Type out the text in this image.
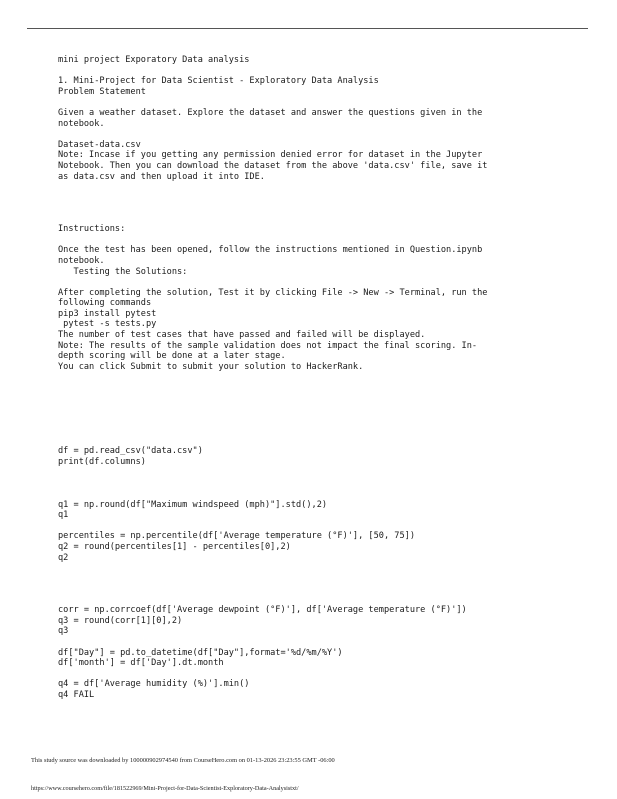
mini project Exporatory Data analysis
1. Mini-Project for Data Scientist - Exploratory Data Analysis
Problem Statement
Given a weather dataset. Explore the dataset and answer the questions given in the
notebook.
Dataset-data.csv
Note: Incase if you getting any permission denied error for dataset in the Jupyter
Notebook. Then you can download the dataset from the above 'data.csv' file, save it
as data.csv and then upload it into IDE.
Instructions:
Once the test has been opened, follow the instructions mentioned in Question.ipynb
notebook.
Testing the Solutions:
After completing the solution, Test it by clicking File -> New -> Terminal, run the
following commands
pip3 install pytest
pytest -s tests.py
The number of test cases that have passed and failed will be displayed.
Note: The results of the sample validation does not impact the final scoring. In-
depth scoring will be done at a later stage.
You can click Submit to submit your solution to HackerRank.
df = pd.read_csv("data.csv")
print(df.columns)
q1 = np.round(df["Maximum windspeed (mph)"].std(),2)
q1
percentiles = np.percentile(df['Average temperature (°F)'], [50, 75])
q2 = round(percentiles[1] - percentiles[0],2)
q2
corr = np.corrcoef(df['Average dewpoint (°F)'], df['Average temperature (°F)'])
q3 = round(corr[1][0],2)
q3
df["Day"] = pd.to_datetime(df["Day"],format='%d/%m/%Y')
df['month'] = df['Day'].dt.month
q4 = df['Average humidity (%)'].min()
q4 FAIL
This study source was downloaded by 100000902974540 from CourseHero.com on 01-13-2026 23:23:55 GMT -06:00
https://www.coursehero.com/file/181522969/Mini-Project-for-Data-Scientist-Exploratory-Data-Analysistxt/
